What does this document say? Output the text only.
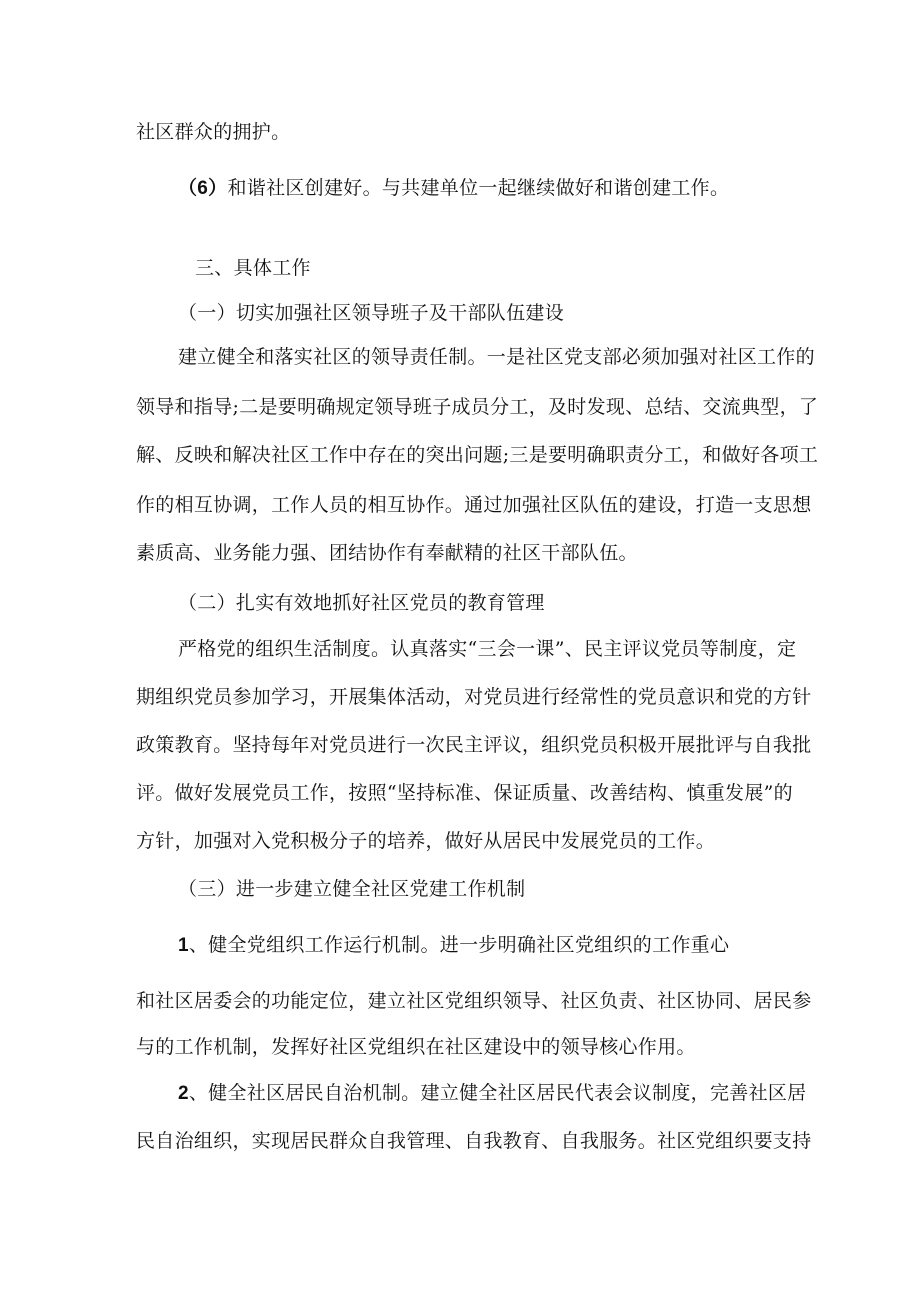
社区群众的拥护。
（6）和谐社区创建好。与共建单位一起继续做好和谐创建工作。
三、具体工作
（一）切实加强社区领导班子及干部队伍建设
建立健全和落实社区的领导责任制。一是社区党支部必须加强对社区工作的
领导和指导;二是要明确规定领导班子成员分工，及时发现、总结、交流典型，了
解、反映和解决社区工作中存在的突出问题;三是要明确职责分工，和做好各项工
作的相互协调，工作人员的相互协作。通过加强社区队伍的建设，打造一支思想
素质高、业务能力强、团结协作有奉献精的社区干部队伍。
（二）扎实有效地抓好社区党员的教育管理
严格党的组织生活制度。认真落实“三会一课”、民主评议党员等制度，定
期组织党员参加学习，开展集体活动，对党员进行经常性的党员意识和党的方针
政策教育。坚持每年对党员进行一次民主评议，组织党员积极开展批评与自我批
评。做好发展党员工作，按照“坚持标准、保证质量、改善结构、慎重发展”的
方针，加强对入党积极分子的培养，做好从居民中发展党员的工作。
（三）进一步建立健全社区党建工作机制
1、健全党组织工作运行机制。进一步明确社区党组织的工作重心
和社区居委会的功能定位，建立社区党组织领导、社区负责、社区协同、居民参
与的工作机制，发挥好社区党组织在社区建设中的领导核心作用。
2、健全社区居民自治机制。建立健全社区居民代表会议制度，完善社区居
民自治组织，实现居民群众自我管理、自我教育、自我服务。社区党组织要支持
